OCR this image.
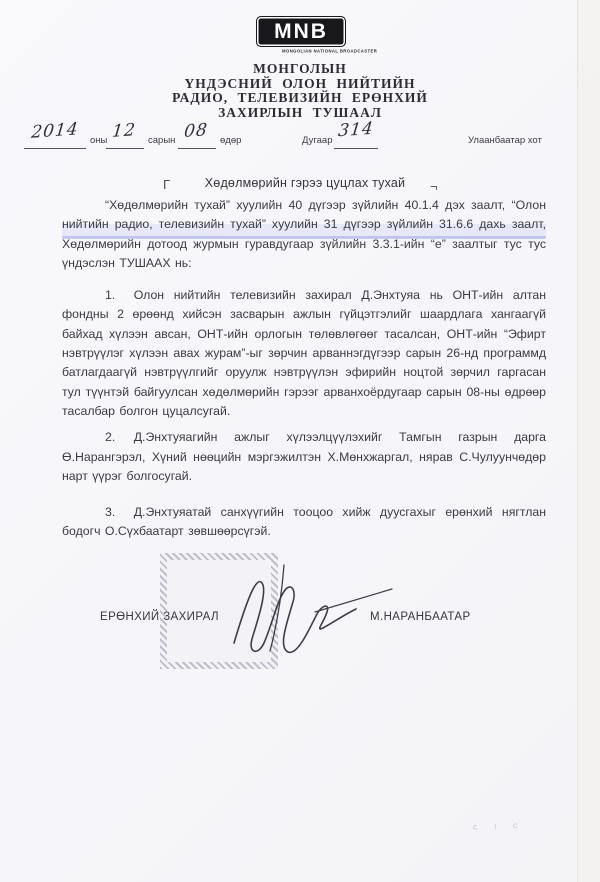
MNB
MONGOLIAN NATIONAL BROADCASTER
МОНГОЛЫН
ҮНДЭСНИЙ ОЛОН НИЙТИЙН
РАДИО, ТЕЛЕВИЗИЙН ЕРӨНХИЙ
ЗАХИРЛЫН ТУШААЛ
2014	оны 12	сарын 08	өдөр	Дугаар 314	Улаанбаатар хот
Г	Хөдөлмөрийн гэрээ цуцлах тухай	¬

“Хөдөлмөрийн тухай” хуулийн 40 дүгээр зүйлийн 40.1.4 дэх заалт, “Олон нийтийн радио, телевизийн тухай” хуулийн 31 дүгээр зүйлийн 31.6.6 дахь заалт, Хөдөлмөрийн дотоод журмын гуравдугаар зүйлийн 3.3.1-ийн “е” заалтыг тус тус үндэслэн ТУШААХ нь:

1.  Олон нийтийн телевизийн захирал Д.Энхтуяа нь ОНТ-ийн алтан фондны 2 өрөөнд хийсэн засварын ажлын гүйцэтгэлийг шаардлага хангаагүй байхад хүлээн авсан, ОНТ-ийн орлогын төлөвлөгөөг тасалсан, ОНТ-ийн “Эфирт нэвтрүүлэг хүлээн авах журам”-ыг зөрчин арваннэгдүгээр сарын 26-нд программд батлагдаагүй нэвтрүүлгийг оруулж нэвтрүүлэн эфирийн ноцтой зөрчил гаргасан тул түүнтэй байгуулсан хөдөлмөрийн гэрээг арванхоёрдугаар сарын 08-ны өдрөөр тасалбар болгон цуцалсугай.

2.  Д.Энхтуяагийн ажлыг хүлээлцүүлэхийг Тамгын газрын дарга Ө.Нарангэрэл, Хүний нөөцийн мэргэжилтэн Х.Мөнхжаргал, нярав С.Чулуунчөдөр нарт үүрэг болгосугай.

3.  Д.Энхтуяатай санхүүгийн тооцоо хийж дуусгахыг ерөнхий нягтлан бодогч О.Сүхбаатарт зөвшөөрсүгэй.

ЕРӨНХИЙ ЗАХИРАЛ	М.НАРАНБААТАР
ɔ ı ɔ
